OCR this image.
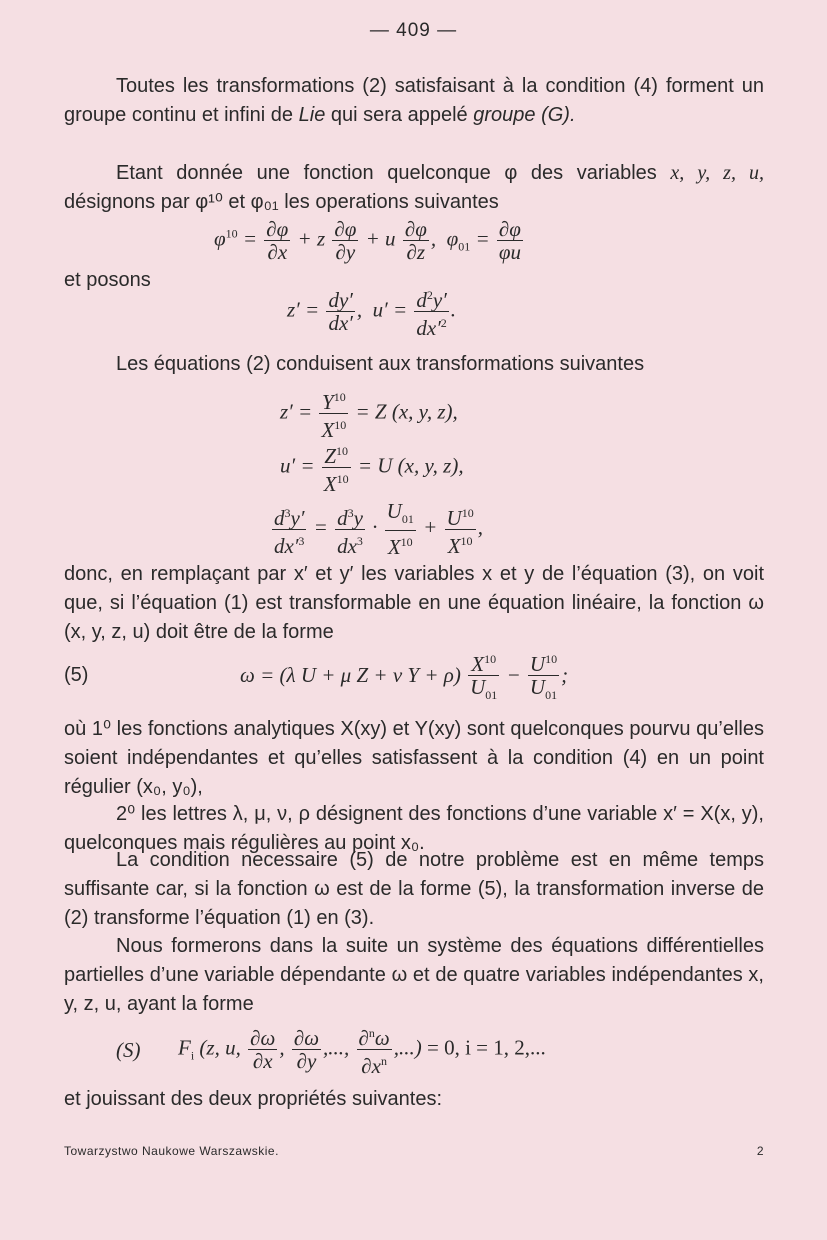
— 409 —
Toutes les transformations (2) satisfaisant à la condition (4) forment un groupe continu et infini de Lie qui sera appelé groupe (G).
Etant donnée une fonction quelconque φ des variables x, y, z, u, désignons par φ¹⁰ et φ₀₁ les operations suivantes
$\varphi^{10} = \frac{\partial\varphi}{\partial x} + z \frac{\partial\varphi}{\partial y} + u \frac{\partial\varphi}{\partial z}$ ,  $\varphi_{01} = \frac{\partial\varphi}{\varphi u}$
et posons
$z' = \frac{dy'}{dx'}$ ,  $u' = \frac{d^2y'}{dx'^2}$ .
Les équations (2) conduisent aux transformations suivantes
$z' = \frac{Y^{10}}{X^{10}} = Z$ (x, y, z),
$u' = \frac{Z^{10}}{X^{10}} = U$ (x, y, z),
$\frac{d^3y'}{dx'^3} = \frac{d^3y}{dx^3} \cdot \frac{U_{01}}{X^{10}} + \frac{U^{10}}{X^{10}}$ ,
donc, en remplaçant par x′ et y′ les variables x et y de l’équation (3), on voit que, si l’équation (1) est transformable en une équation linéaire, la fonction ω (x, y, z, u) doit être de la forme
(5)	ω = (λ U + μ Z + ν $Y + \rho) \frac{X^{10}}{U_{01}} - \frac{U^{10}}{U_{01}}$ ;
où 1⁰ les fonctions analytiques X(xy) et Y(xy) sont quelconques pourvu qu’elles soient indépendantes et qu’elles satisfassent à la condition (4) en un point régulier (x₀, y₀),
2⁰ les lettres λ, μ, ν, ρ désignent des fonctions d’une variable x′ = X(x, y), quelconques mais régulières au point x₀.
La condition necessaire (5) de notre problème est en même temps suffisante car, si la fonction ω est de la forme (5), la transformation inverse de (2) transforme l’équation (1) en (3).
Nous formerons dans la suite un système des équations différentielles partielles d’une variable dépendante ω et de quatre variables indépendantes x, y, z, u, ayant la forme
(S) $F_i$ (z, u, $\frac{\partial\omega}{\partial x}$ , $\frac{\partial\omega}{\partial y}$ ,..., $\frac{\partial^n\omega}{\partial x^n}$ ,...) = 0, i = 1, 2,...
et jouissant des deux propriétés suivantes:
Towarzystwo Naukowe Warszawskie.	2
